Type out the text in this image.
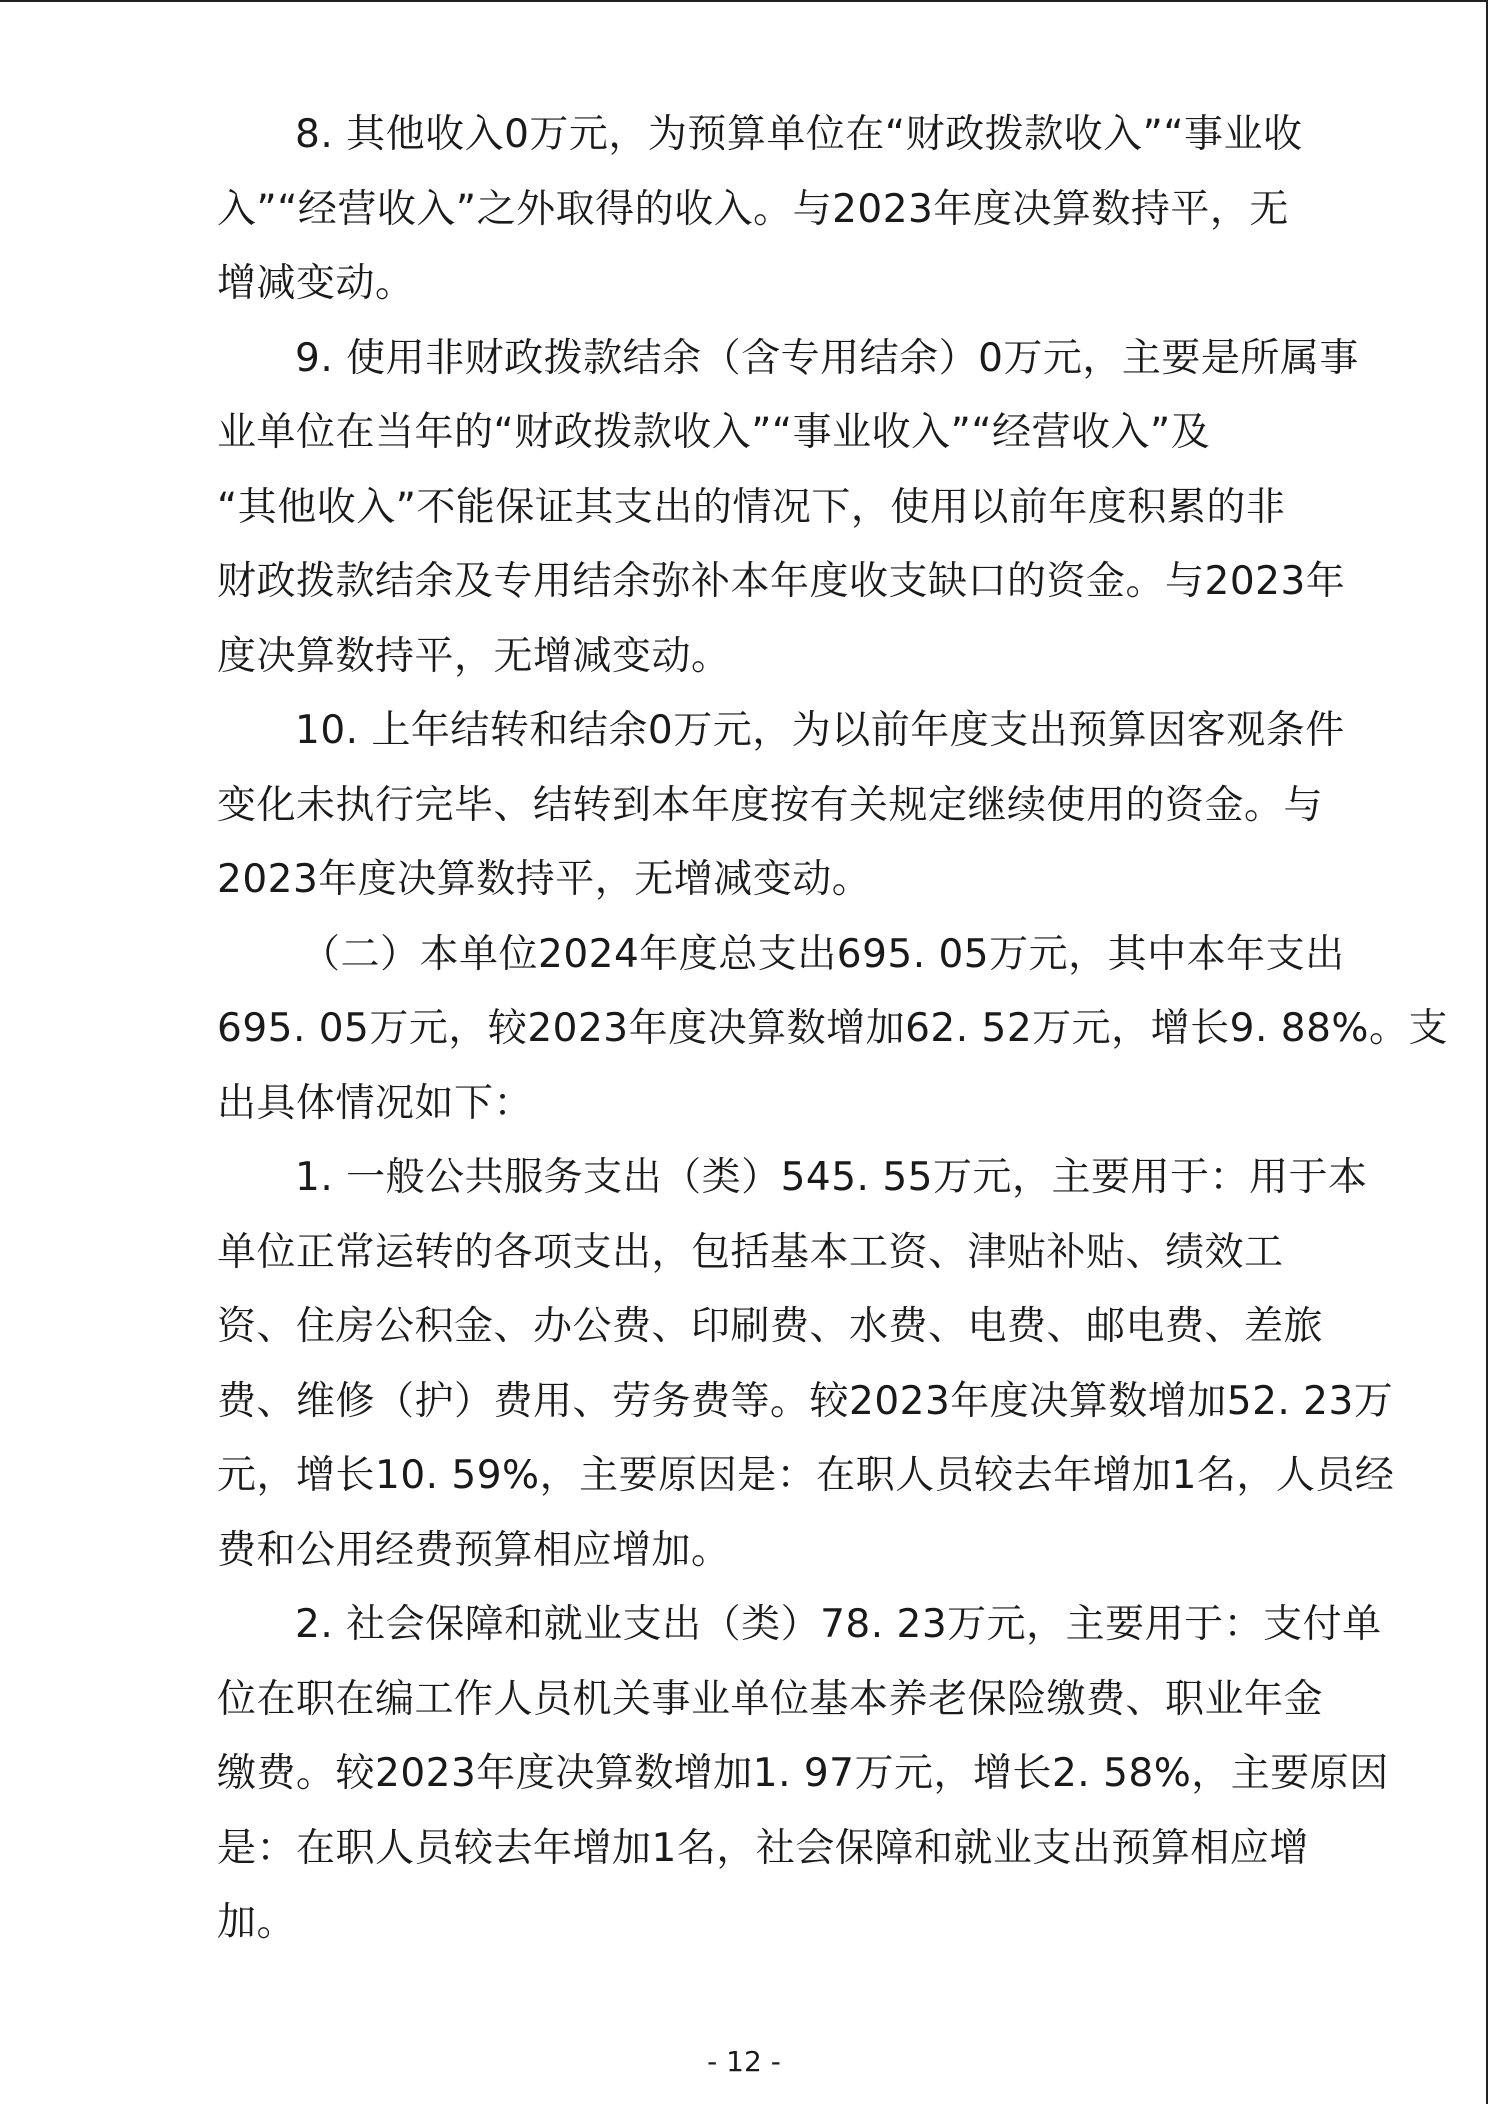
8. 其他收入0万元，为预算单位在“财政拨款收入”“事业收
入”“经营收入”之外取得的收入。与2023年度决算数持平，无
增减变动。

9. 使用非财政拨款结余（含专用结余）0万元，主要是所属事
业单位在当年的“财政拨款收入”“事业收入”“经营收入”及
“其他收入”不能保证其支出的情况下，使用以前年度积累的非
财政拨款结余及专用结余弥补本年度收支缺口的资金。与2023年
度决算数持平，无增减变动。

10. 上年结转和结余0万元，为以前年度支出预算因客观条件
变化未执行完毕、结转到本年度按有关规定继续使用的资金。与
2023年度决算数持平，无增减变动。

（二）本单位2024年度总支出695. 05万元，其中本年支出
695. 05万元，较2023年度决算数增加62. 52万元，增长9. 88%。支
出具体情况如下：

1. 一般公共服务支出（类）545. 55万元，主要用于：用于本
单位正常运转的各项支出，包括基本工资、津贴补贴、绩效工
资、住房公积金、办公费、印刷费、水费、电费、邮电费、差旅
费、维修（护）费用、劳务费等。较2023年度决算数增加52. 23万
元，增长10. 59%，主要原因是：在职人员较去年增加1名，人员经
费和公用经费预算相应增加。

2. 社会保障和就业支出（类）78. 23万元，主要用于：支付单
位在职在编工作人员机关事业单位基本养老保险缴费、职业年金
缴费。较2023年度决算数增加1. 97万元，增长2. 58%，主要原因
是：在职人员较去年增加1名，社会保障和就业支出预算相应增
加。

- 12 -
